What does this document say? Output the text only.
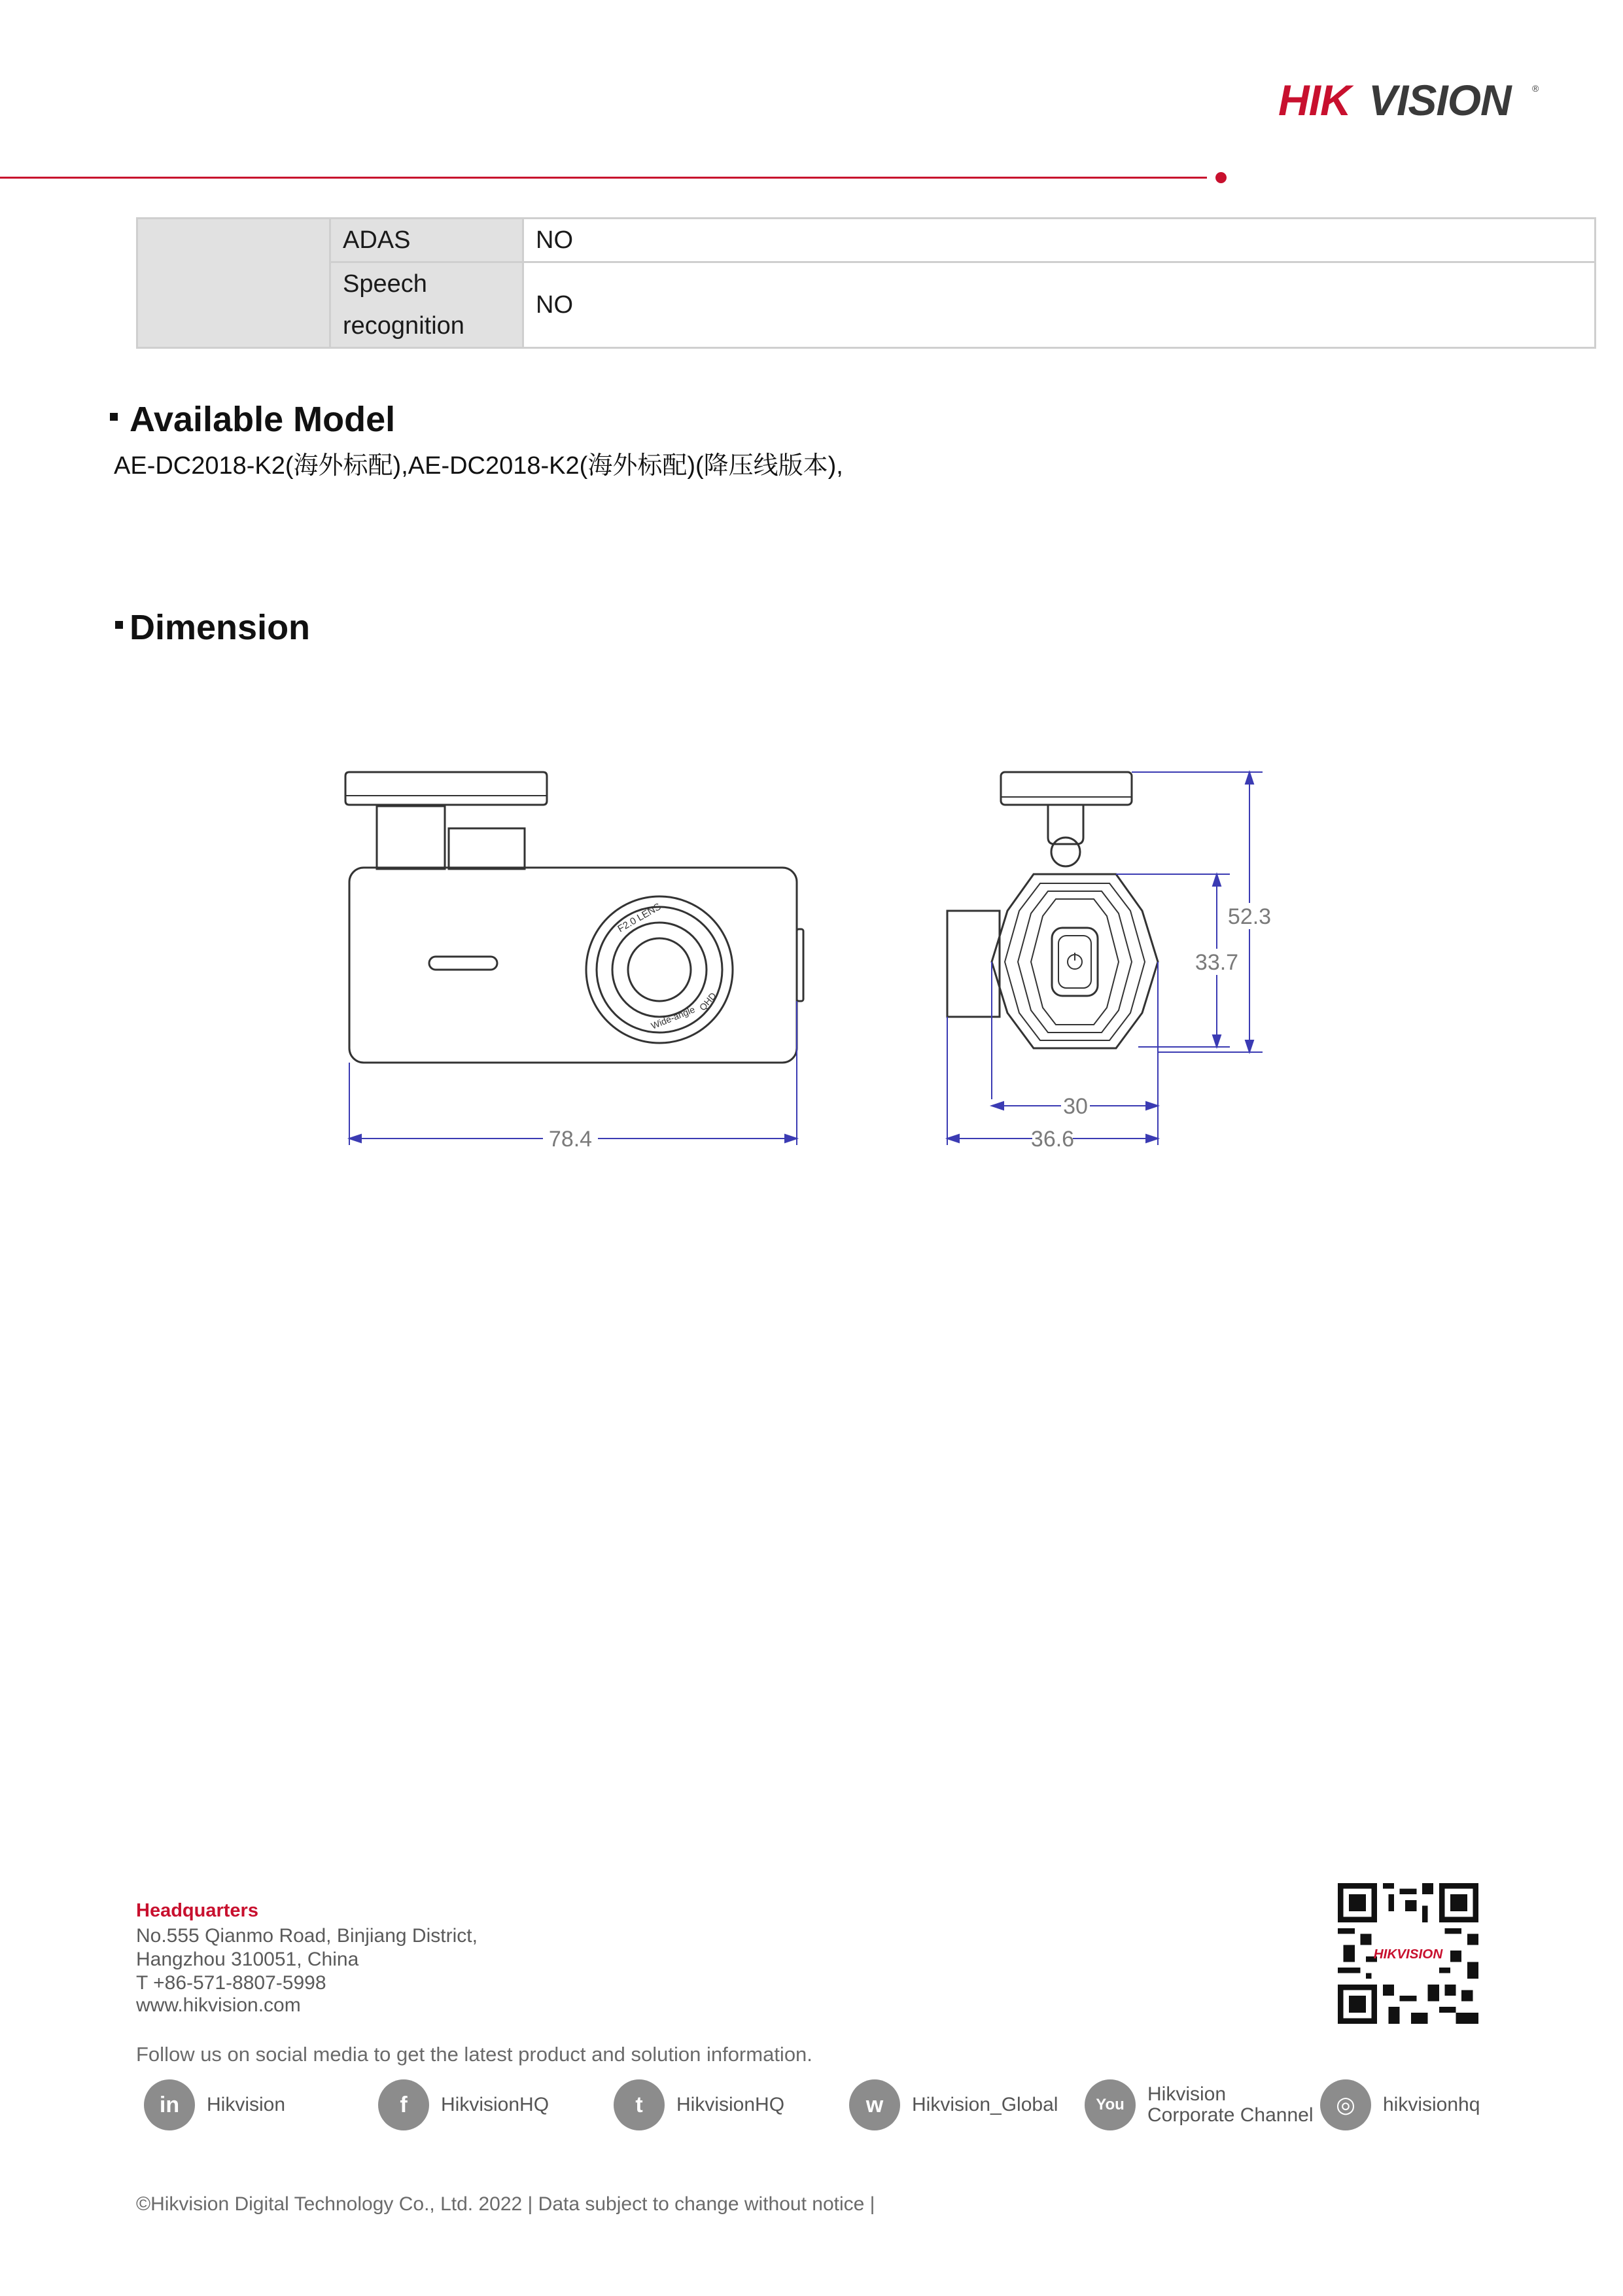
HIK VISION ®
	ADAS	NO

	Speech
recognition	NO
Available Model
AE-DC2018-K2(海外标配),AE-DC2018-K2(海外标配)(降压线版本),
Dimension
F2.0 LENS
Wide-angle
QHD
78.4
52.3
33.7
30
36.6
Headquarters
No.555 Qianmo Road, Binjiang District,
Hangzhou 310051, China
T +86-571-8807-5998
www.hikvision.com
HIKVISION
Follow us on social media to get the latest product and solution information.
in	Hikvision	f	HikvisionHQ	t	HikvisionHQ	w	Hikvision_Global	You	Hikvision
Corporate Channel	◎	hikvisionhq
©Hikvision Digital Technology Co., Ltd. 2022 | Data subject to change without notice |
